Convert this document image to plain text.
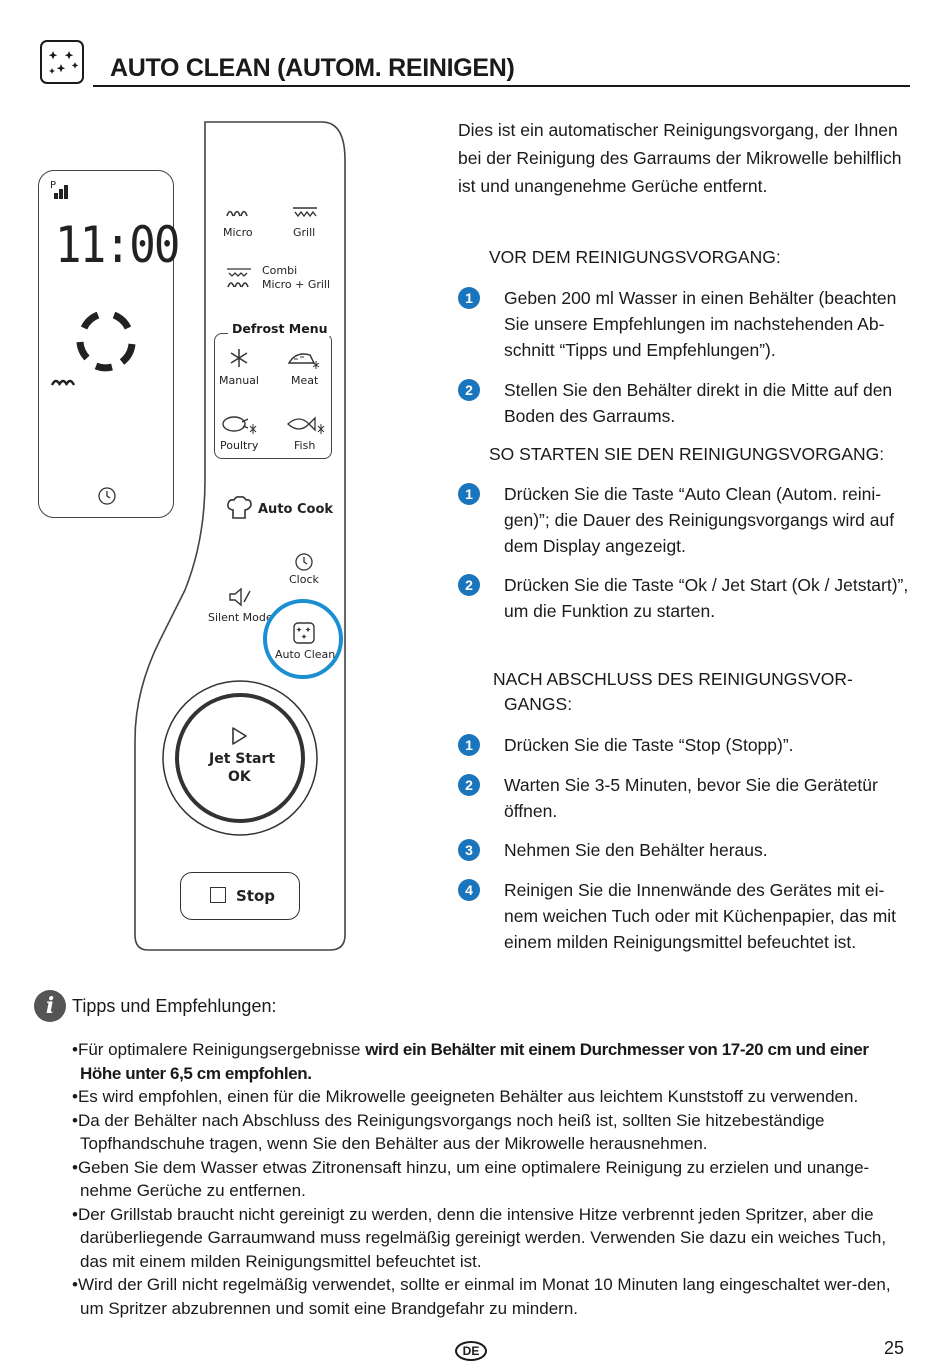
AUTO CLEAN (AUTOM. REINIGEN)
P
11:00	Micro	Grill
Combi
Micro + Grill
Defrost Menu
Manual	Meat
Poultry	Fish
Auto Cook
Clock
Silent Mode
Auto Clean
Jet Start
OK
Stop
Dies ist ein automatischer Reinigungsvorgang, der Ihnen bei der Reinigung des Garraums der Mikrowelle behilflich ist und unangenehme Gerüche entfernt.
VOR DEM REINIGUNGSVORGANG:
1	Geben 200 ml Wasser in einen Behälter (beachten Sie unsere Empfehlungen im nachstehenden Ab-schnitt “Tipps und Empfehlungen”).
2	Stellen Sie den Behälter direkt in die Mitte auf den Boden des Garraums.
SO STARTEN SIE DEN REINIGUNGSVORGANG:
1	Drücken Sie die Taste “Auto Clean (Autom. reini-gen)”; die Dauer des Reinigungsvorgangs wird auf dem Display angezeigt.
2	Drücken Sie die Taste “Ok / Jet Start (Ok / Jetstart)”, um die Funktion zu starten.
NACH ABSCHLUSS DES REINIGUNGSVOR-
GANGS:
1	Drücken Sie die Taste “Stop (Stopp)”.
2	Warten Sie 3-5 Minuten, bevor Sie die Gerätetür öffnen.
3	Nehmen Sie den Behälter heraus.
4	Reinigen Sie die Innenwände des Gerätes mit ei-nem weichen Tuch oder mit Küchenpapier, das mit einem milden Reinigungsmittel befeuchtet ist.
i Tipps und Empfehlungen:

•Für optimalere Reinigungsergebnisse wird ein Behälter mit einem Durchmesser von 17-20 cm und einer Höhe unter 6,5 cm empfohlen.

•Es wird empfohlen, einen für die Mikrowelle geeigneten Behälter aus leichtem Kunststoff zu verwenden.

•Da der Behälter nach Abschluss des Reinigungsvorgangs noch heiß ist, sollten Sie hitzebeständige Topfhandschuhe tragen, wenn Sie den Behälter aus der Mikrowelle herausnehmen.

•Geben Sie dem Wasser etwas Zitronensaft hinzu, um eine optimalere Reinigung zu erzielen und unange-nehme Gerüche zu entfernen.

•Der Grillstab braucht nicht gereinigt zu werden, denn die intensive Hitze verbrennt jeden Spritzer, aber die darüberliegende Garraumwand muss regelmäßig gereinigt werden. Verwenden Sie dazu ein weiches Tuch, das mit einem milden Reinigungsmittel befeuchtet ist.

•Wird der Grill nicht regelmäßig verwendet, sollte er einmal im Monat 10 Minuten lang eingeschaltet wer-den, um Spritzer abzubrennen und somit eine Brandgefahr zu mindern.

DE	25
